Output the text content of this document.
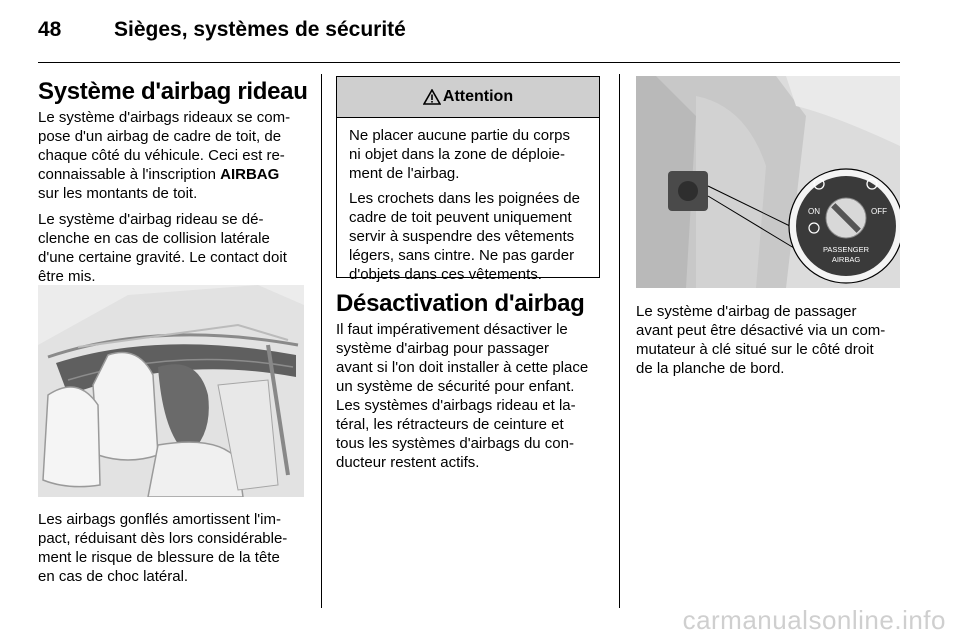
48	Sièges, systèmes de sécurité
Système d'airbag rideau
Le système d'airbags rideaux se com-
pose d'un airbag de cadre de toit, de
chaque côté du véhicule. Ceci est re-
connaissable à l'inscription AIRBAG
sur les montants de toit.
Le système d'airbag rideau se dé-
clenche en cas de collision latérale
d'une certaine gravité. Le contact doit
être mis.
Les airbags gonflés amortissent l'im-
pact, réduisant dès lors considérable-
ment le risque de blessure de la tête
en cas de choc latéral.
Attention

Ne placer aucune partie du corps
ni objet dans la zone de déploie-
ment de l'airbag.

Les crochets dans les poignées de
cadre de toit peuvent uniquement
servir à suspendre des vêtements
légers, sans cintre. Ne pas garder
d'objets dans ces vêtements.

Désactivation d'airbag
Il faut impérativement désactiver le
système d'airbag pour passager
avant si l'on doit installer à cette place
un système de sécurité pour enfant.
Les systèmes d'airbags rideau et la-
téral, les rétracteurs de ceinture et
tous les systèmes d'airbags du con-
ducteur restent actifs.
ON	OFF
PASSENGER
AIRBAG
Le système d'airbag de passager
avant peut être désactivé via un com-
mutateur à clé situé sur le côté droit
de la planche de bord.
carmanualsonline.info
